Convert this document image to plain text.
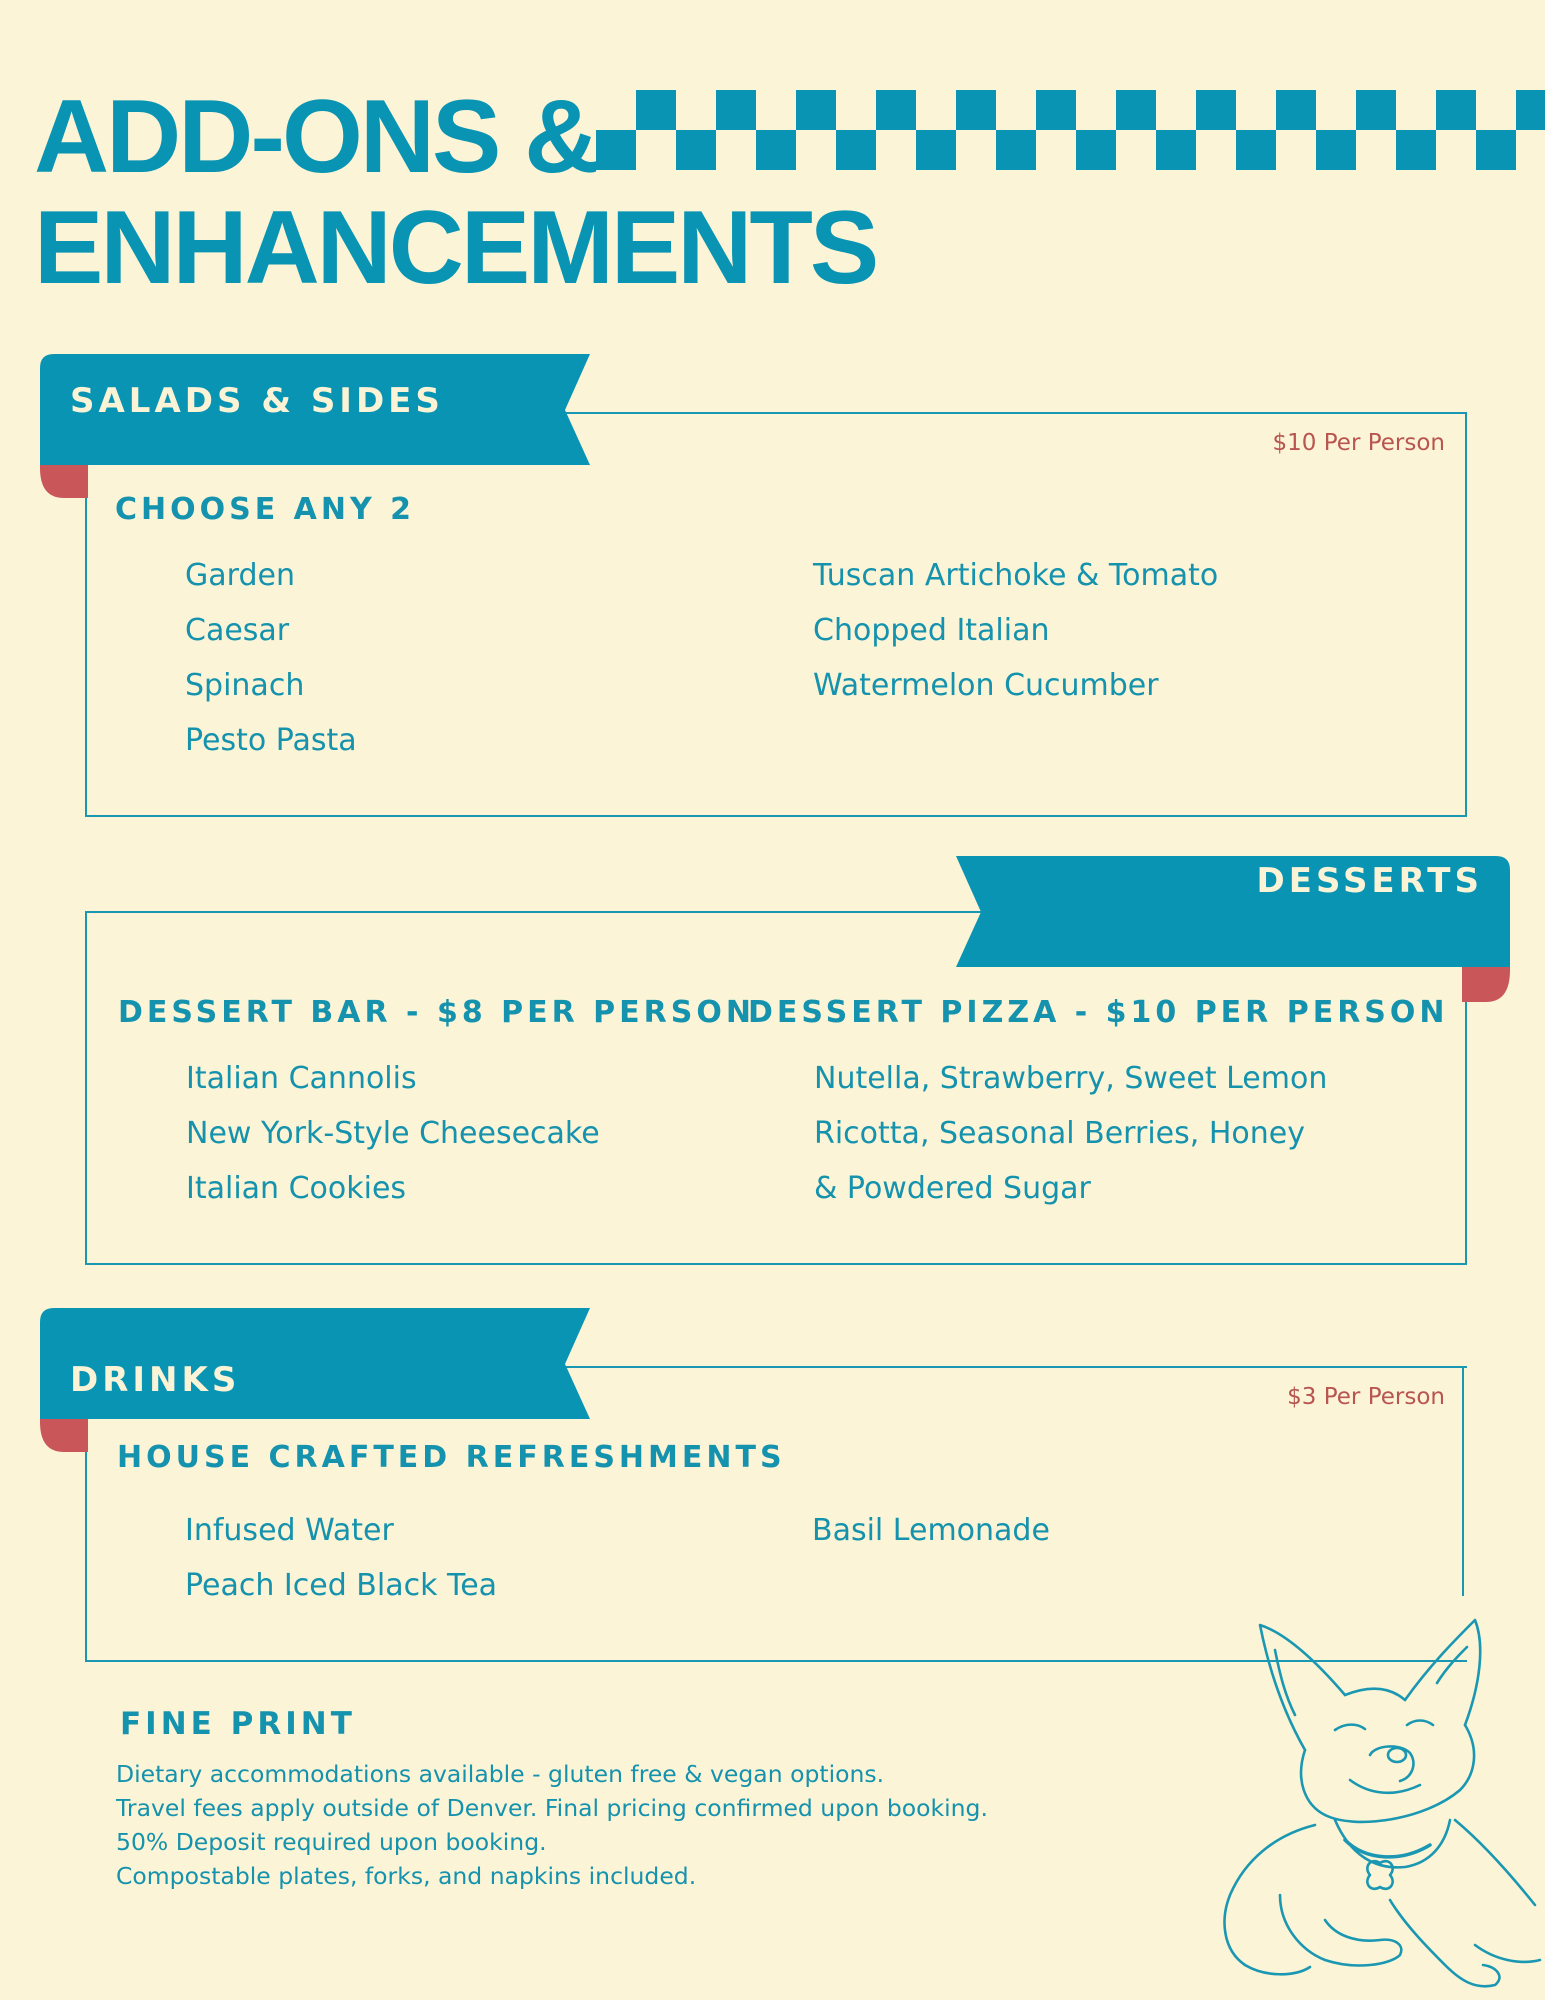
ADD-ONS &
ENHANCEMENTS
SALADS & SIDES
$10 Per Person
CHOOSE ANY 2
Garden
Caesar
Spinach
Pesto Pasta
Tuscan Artichoke & Tomato
Chopped Italian
Watermelon Cucumber
DESSERTS
DESSERT BAR - $8 PER PERSON
Italian Cannolis
New York-Style Cheesecake
Italian Cookies
DESSERT PIZZA - $10 PER PERSON
Nutella, Strawberry, Sweet Lemon
Ricotta, Seasonal Berries, Honey
& Powdered Sugar
DRINKS	$3 Per Person
HOUSE CRAFTED REFRESHMENTS
Infused Water
Peach Iced Black Tea
Basil Lemonade
FINE PRINT
Dietary accommodations available - gluten free & vegan options.
Travel fees apply outside of Denver. Final pricing confirmed upon booking.
50% Deposit required upon booking.
Compostable plates, forks, and napkins included.
